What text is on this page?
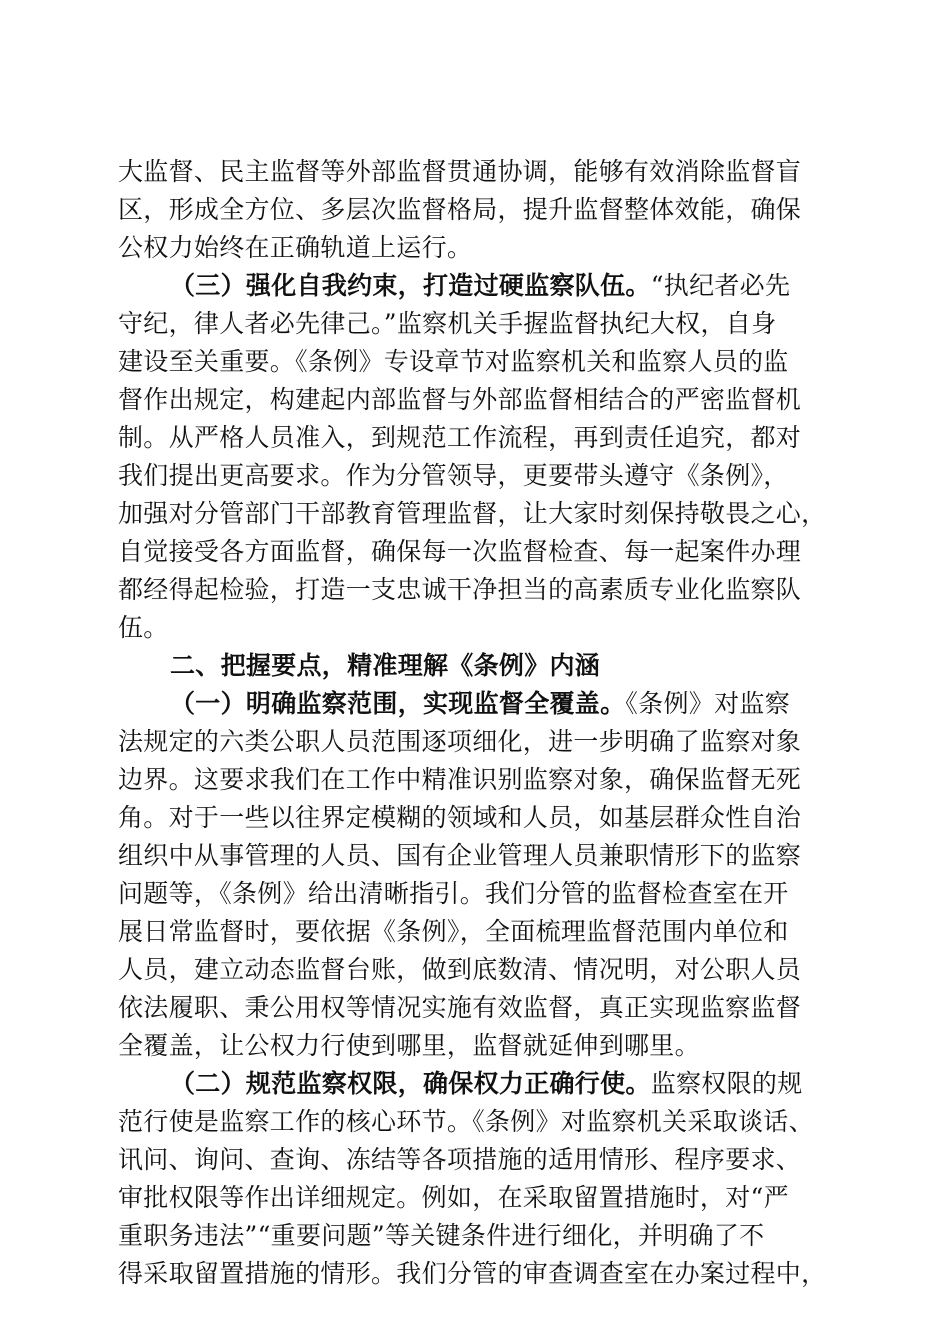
大监督、民主监督等外部监督贯通协调，能够有效消除监督盲
区，形成全方位、多层次监督格局，提升监督整体效能，确保
公权力始终在正确轨道上运行。
（三）强化自我约束，打造过硬监察队伍。“执纪者必先
守纪，律人者必先律己。”监察机关手握监督执纪大权，自身
建设至关重要。《条例》专设章节对监察机关和监察人员的监
督作出规定，构建起内部监督与外部监督相结合的严密监督机
制。从严格人员准入，到规范工作流程，再到责任追究，都对
我们提出更高要求。作为分管领导，更要带头遵守《条例》，
加强对分管部门干部教育管理监督，让大家时刻保持敬畏之心，
自觉接受各方面监督，确保每一次监督检查、每一起案件办理
都经得起检验，打造一支忠诚干净担当的高素质专业化监察队
伍。
二、把握要点，精准理解《条例》内涵
（一）明确监察范围，实现监督全覆盖。《条例》对监察
法规定的六类公职人员范围逐项细化，进一步明确了监察对象
边界。这要求我们在工作中精准识别监察对象，确保监督无死
角。对于一些以往界定模糊的领域和人员，如基层群众性自治
组织中从事管理的人员、国有企业管理人员兼职情形下的监察
问题等，《条例》给出清晰指引。我们分管的监督检查室在开
展日常监督时，要依据《条例》，全面梳理监督范围内单位和
人员，建立动态监督台账，做到底数清、情况明，对公职人员
依法履职、秉公用权等情况实施有效监督，真正实现监察监督
全覆盖，让公权力行使到哪里，监督就延伸到哪里。
（二）规范监察权限，确保权力正确行使。监察权限的规
范行使是监察工作的核心环节。《条例》对监察机关采取谈话、
讯问、询问、查询、冻结等各项措施的适用情形、程序要求、
审批权限等作出详细规定。例如，在采取留置措施时，对“严
重职务违法”“重要问题”等关键条件进行细化，并明确了不
得采取留置措施的情形。我们分管的审查调查室在办案过程中，
